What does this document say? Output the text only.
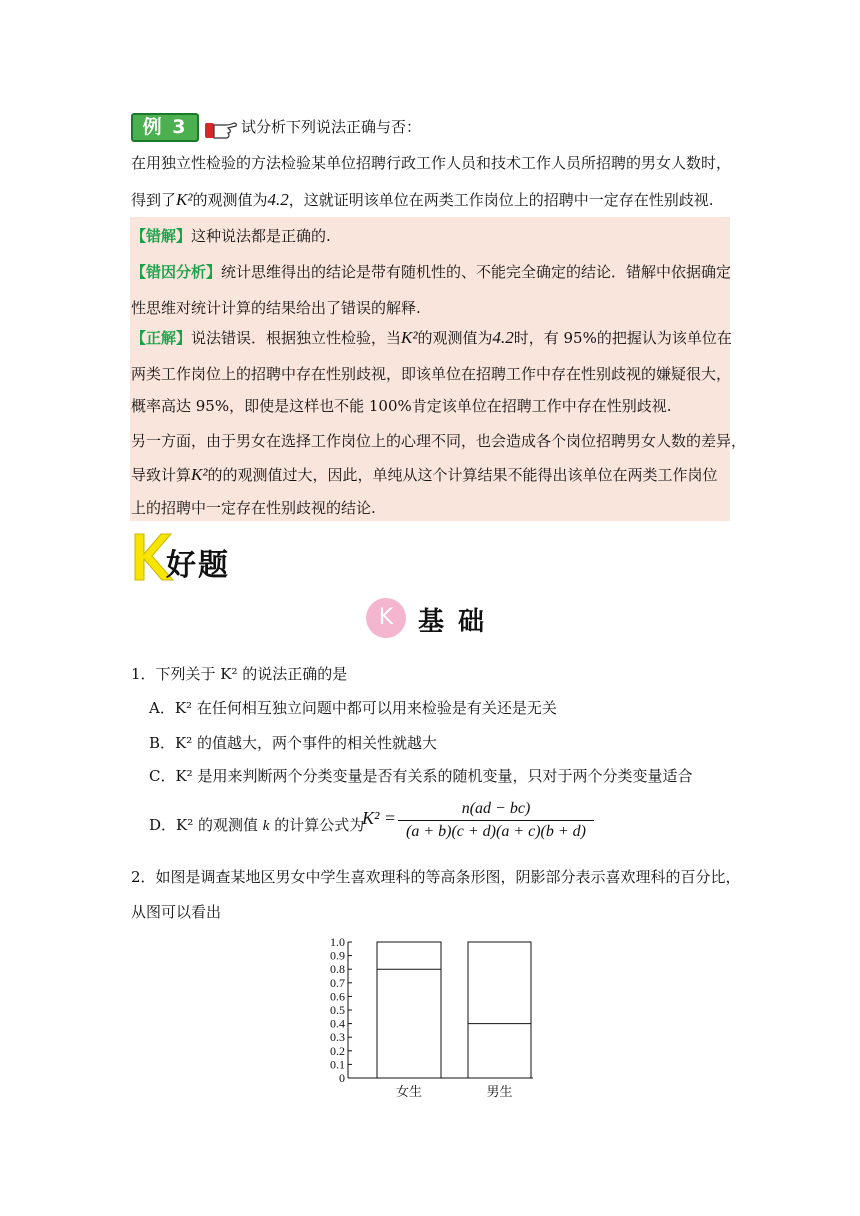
例 3	试分析下列说法正确与否：
在用独立性检验的方法检验某单位招聘行政工作人员和技术工作人员所招聘的男女人数时，
得到了K²的观测值为4.2，这就证明该单位在两类工作岗位上的招聘中一定存在性别歧视.
【错解】这种说法都是正确的.
【错因分析】统计思维得出的结论是带有随机性的、不能完全确定的结论．错解中依据确定
性思维对统计计算的结果给出了错误的解释.
【正解】说法错误．根据独立性检验，当K²的观测值为4.2时，有 95%的把握认为该单位在
两类工作岗位上的招聘中存在性别歧视，即该单位在招聘工作中存在性别歧视的嫌疑很大，
概率高达 95%，即使是这样也不能 100%肯定该单位在招聘工作中存在性别歧视.
另一方面，由于男女在选择工作岗位上的心理不同，也会造成各个岗位招聘男女人数的差异，
导致计算K²的的观测值过大，因此，单纯从这个计算结果不能得出该单位在两类工作岗位
上的招聘中一定存在性别歧视的结论.
好题
K 基础
1．下列关于 K² 的说法正确的是
A．K² 在任何相互独立问题中都可以用来检验是有关还是无关
B．K² 的值越大，两个事件的相关性就越大
C．K² 是用来判断两个分类变量是否有关系的随机变量，只对于两个分类变量适合
D．K² 的观测值 k 的计算公式为
$K^2 = \frac{n(ad - bc)}{(a + b)(c + d)(a + c)(b + d)}$
2．如图是调查某地区男女中学生喜欢理科的等高条形图，阴影部分表示喜欢理科的百分比，
从图可以看出
0
0.1
0.2
0.3
0.4
0.5
0.6
0.7
0.8
0.9
1.0
女生	男生
